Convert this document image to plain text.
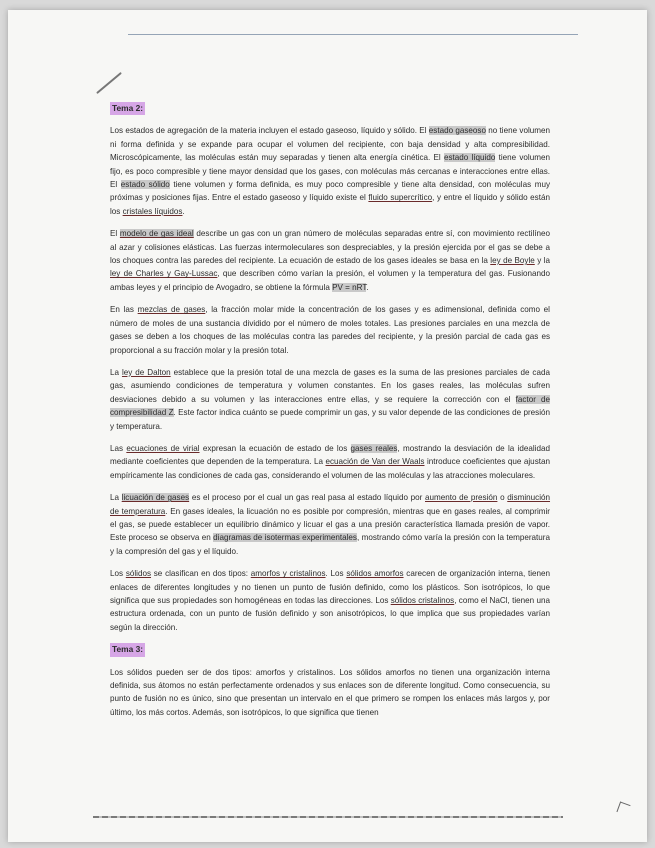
Tema 2:

Los estados de agregación de la materia incluyen el estado gaseoso, líquido y sólido. El estado gaseoso no tiene volumen ni forma definida y se expande para ocupar el volumen del recipiente, con baja densidad y alta compresibilidad. Microscópicamente, las moléculas están muy separadas y tienen alta energía cinética. El estado líquido tiene volumen fijo, es poco compresible y tiene mayor densidad que los gases, con moléculas más cercanas e interacciones entre ellas. El estado sólido tiene volumen y forma definida, es muy poco compresible y tiene alta densidad, con moléculas muy próximas y posiciones fijas. Entre el estado gaseoso y líquido existe el fluido supercrítico, y entre el líquido y sólido están los cristales líquidos.

El modelo de gas ideal describe un gas con un gran número de moléculas separadas entre sí, con movimiento rectilíneo al azar y colisiones elásticas. Las fuerzas intermoleculares son despreciables, y la presión ejercida por el gas se debe a los choques contra las paredes del recipiente. La ecuación de estado de los gases ideales se basa en la ley de Boyle y la ley de Charles y Gay-Lussac, que describen cómo varían la presión, el volumen y la temperatura del gas. Fusionando ambas leyes y el principio de Avogadro, se obtiene la fórmula PV = nRT.

En las mezclas de gases, la fracción molar mide la concentración de los gases y es adimensional, definida como el número de moles de una sustancia dividido por el número de moles totales. Las presiones parciales en una mezcla de gases se deben a los choques de las moléculas contra las paredes del recipiente, y la presión parcial de cada gas es proporcional a su fracción molar y la presión total.

La ley de Dalton establece que la presión total de una mezcla de gases es la suma de las presiones parciales de cada gas, asumiendo condiciones de temperatura y volumen constantes. En los gases reales, las moléculas sufren desviaciones debido a su volumen y las interacciones entre ellas, y se requiere la corrección con el factor de compresibilidad Z. Este factor indica cuánto se puede comprimir un gas, y su valor depende de las condiciones de presión y temperatura.

Las ecuaciones de virial expresan la ecuación de estado de los gases reales, mostrando la desviación de la idealidad mediante coeficientes que dependen de la temperatura. La ecuación de Van der Waals introduce coeficientes que ajustan empíricamente las condiciones de cada gas, considerando el volumen de las moléculas y las atracciones moleculares.

La licuación de gases es el proceso por el cual un gas real pasa al estado líquido por aumento de presión o disminución de temperatura. En gases ideales, la licuación no es posible por compresión, mientras que en gases reales, al comprimir el gas, se puede establecer un equilibrio dinámico y licuar el gas a una presión característica llamada presión de vapor. Este proceso se observa en diagramas de isotermas experimentales, mostrando cómo varía la presión con la temperatura y la compresión del gas y el líquido.

Los sólidos se clasifican en dos tipos: amorfos y cristalinos. Los sólidos amorfos carecen de organización interna, tienen enlaces de diferentes longitudes y no tienen un punto de fusión definido, como los plásticos. Son isotrópicos, lo que significa que sus propiedades son homogéneas en todas las direcciones. Los sólidos cristalinos, como el NaCl, tienen una estructura ordenada, con un punto de fusión definido y son anisotrópicos, lo que implica que sus propiedades varían según la dirección.

Tema 3:

Los sólidos pueden ser de dos tipos: amorfos y cristalinos. Los sólidos amorfos no tienen una organización interna definida, sus átomos no están perfectamente ordenados y sus enlaces son de diferente longitud. Como consecuencia, su punto de fusión no es único, sino que presentan un intervalo en el que primero se rompen los enlaces más largos y, por último, los más cortos. Además, son isotrópicos, lo que significa que tienen
